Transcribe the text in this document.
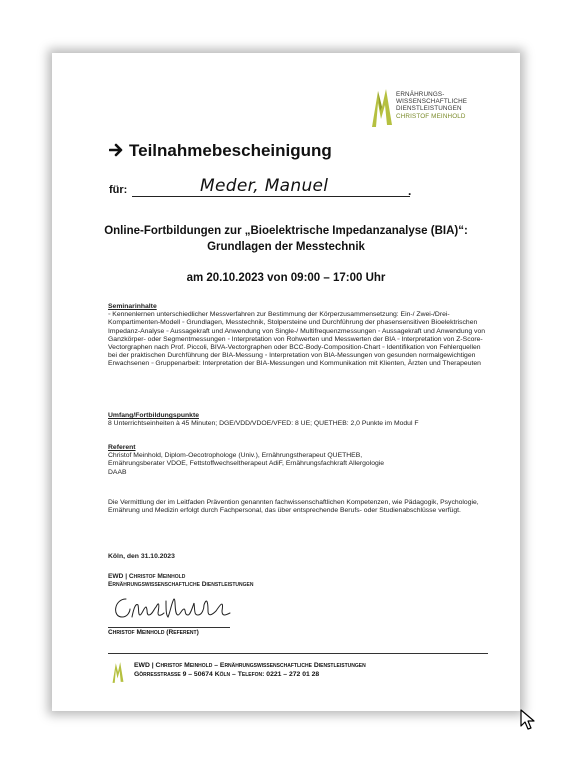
ERNÄHRUNGS-
WISSENSCHAFTLICHE
DIENSTLEISTUNGEN
CHRISTOF MEINHOLD
Teilnahmebescheinigung
für:	Meder, Manuel	.
Online-Fortbildungen zur „Bioelektrische Impedanzanalyse (BIA)“:
Grundlagen der Messtechnik
am 20.10.2023 von 09:00 – 17:00 Uhr
Seminarinhalte
◦ Kennenlernen unterschiedlicher Messverfahren zur Bestimmung der Körperzusammensetzung: Ein-/ Zwei-/Drei-Kompartimenten-Modell ◦ Grundlagen, Messtechnik, Stolpersteine und Durchführung der phasensensitiven Bioelektrischen Impedanz-Analyse ◦ Aussagekraft und Anwendung von Single-/ Multifrequenzmessungen ◦ Aussagekraft und Anwendung von Ganzkörper- oder Segmentmessungen ◦ Interpretation von Rohwerten und Messwerten der BIA ◦ Interpretation von Z-Score-Vectorgraphen nach Prof. Piccoli, BIVA-Vectorgraphen oder BCC-Body-Composition-Chart ◦ Identifikation von Fehlerquellen bei der praktischen Durchführung der BIA-Messung ◦ Interpretation von BIA-Messungen von gesunden normalgewichtigen Erwachsenen ◦ Gruppenarbeit: Interpretation der BIA-Messungen und Kommunikation mit Klienten, Ärzten und Therapeuten
Umfang/Fortbildungspunkte
8 Unterrichtseinheiten à 45 Minuten; DGE/VDD/VDOE/VFED: 8 UE; QUETHEB: 2,0 Punkte im Modul F
Referent
Christof Meinhold, Diplom-Oecotrophologe (Univ.), Ernährungstherapeut QUETHEB,
Ernährungsberater VDOE, Fettstoffwechseltherapeut AdiF, Ernährungsfachkraft Allergologie
DAAB
Die Vermittlung der im Leitfaden Prävention genannten fachwissenschaftlichen Kompetenzen, wie Pädagogik, Psychologie, Ernährung und Medizin erfolgt durch Fachpersonal, das über entsprechende Berufs- oder Studienabschlüsse verfügt.
Köln, den 31.10.2023
EWD | Christof Meinhold
Ernährungswissenschaftliche Dienstleistungen
Christof Meinhold (Referent)
EWD | Christof Meinhold – Ernährungswissenschaftliche Dienstleistungen
Görresstraße 9 – 50674 Köln – Telefon: 0221 – 272 01 28
